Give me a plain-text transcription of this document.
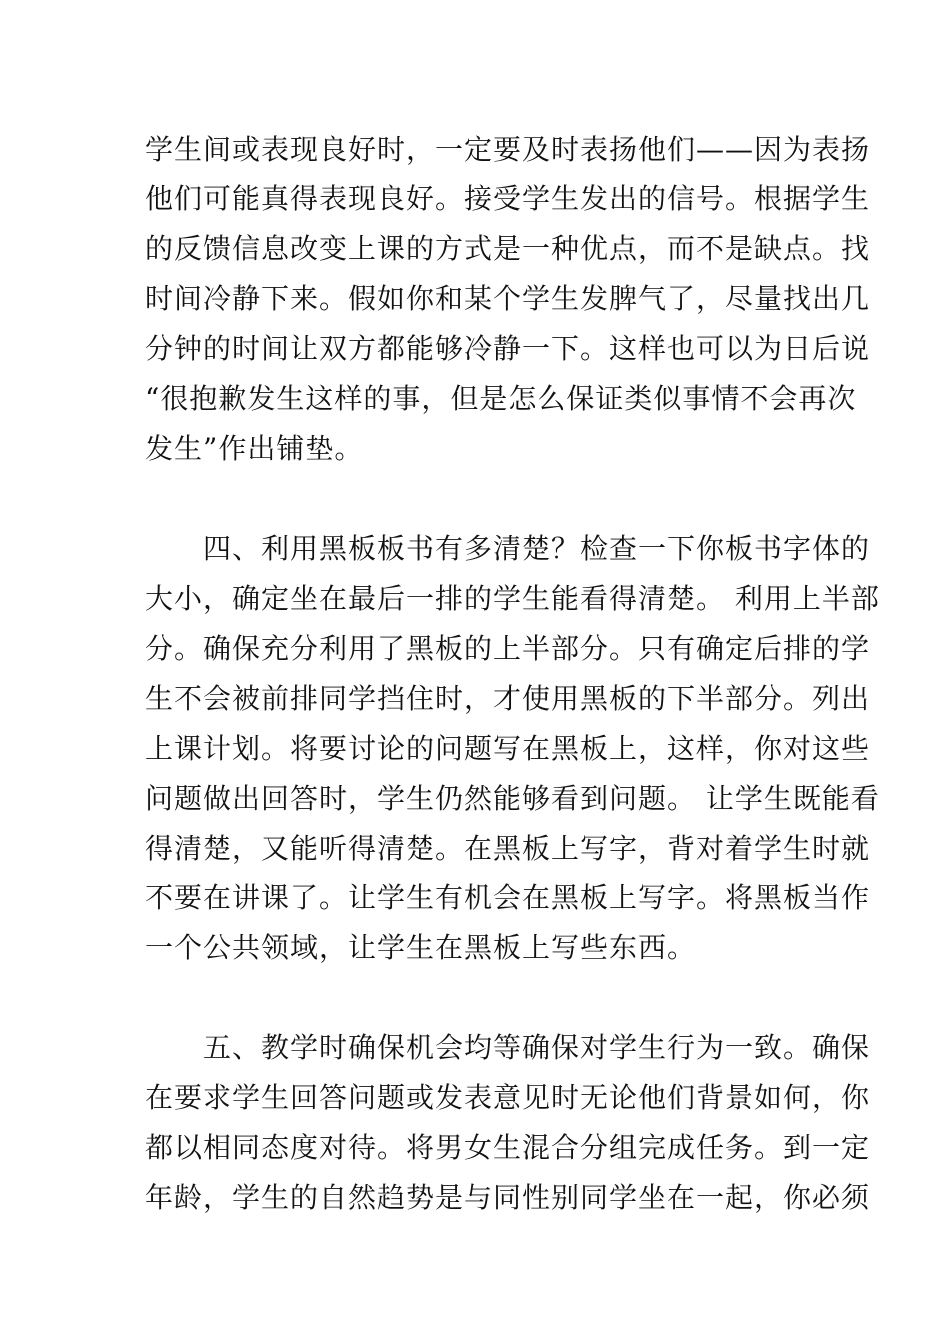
学生间或表现良好时，一定要及时表扬他们——因为表扬
他们可能真得表现良好。接受学生发出的信号。根据学生
的反馈信息改变上课的方式是一种优点，而不是缺点。找
时间冷静下来。假如你和某个学生发脾气了，尽量找出几
分钟的时间让双方都能够冷静一下。这样也可以为日后说
“很抱歉发生这样的事，但是怎么保证类似事情不会再次
发生”作出铺垫。
　　四、利用黑板板书有多清楚？检查一下你板书字体的
大小，确定坐在最后一排的学生能看得清楚。 利用上半部
分。确保充分利用了黑板的上半部分。只有确定后排的学
生不会被前排同学挡住时，才使用黑板的下半部分。列出
上课计划。将要讨论的问题写在黑板上，这样，你对这些
问题做出回答时，学生仍然能够看到问题。 让学生既能看
得清楚，又能听得清楚。在黑板上写字，背对着学生时就
不要在讲课了。让学生有机会在黑板上写字。将黑板当作
一个公共领域，让学生在黑板上写些东西。
　　五、教学时确保机会均等确保对学生行为一致。确保
在要求学生回答问题或发表意见时无论他们背景如何，你
都以相同态度对待。将男女生混合分组完成任务。到一定
年龄，学生的自然趋势是与同性别同学坐在一起，你必须
